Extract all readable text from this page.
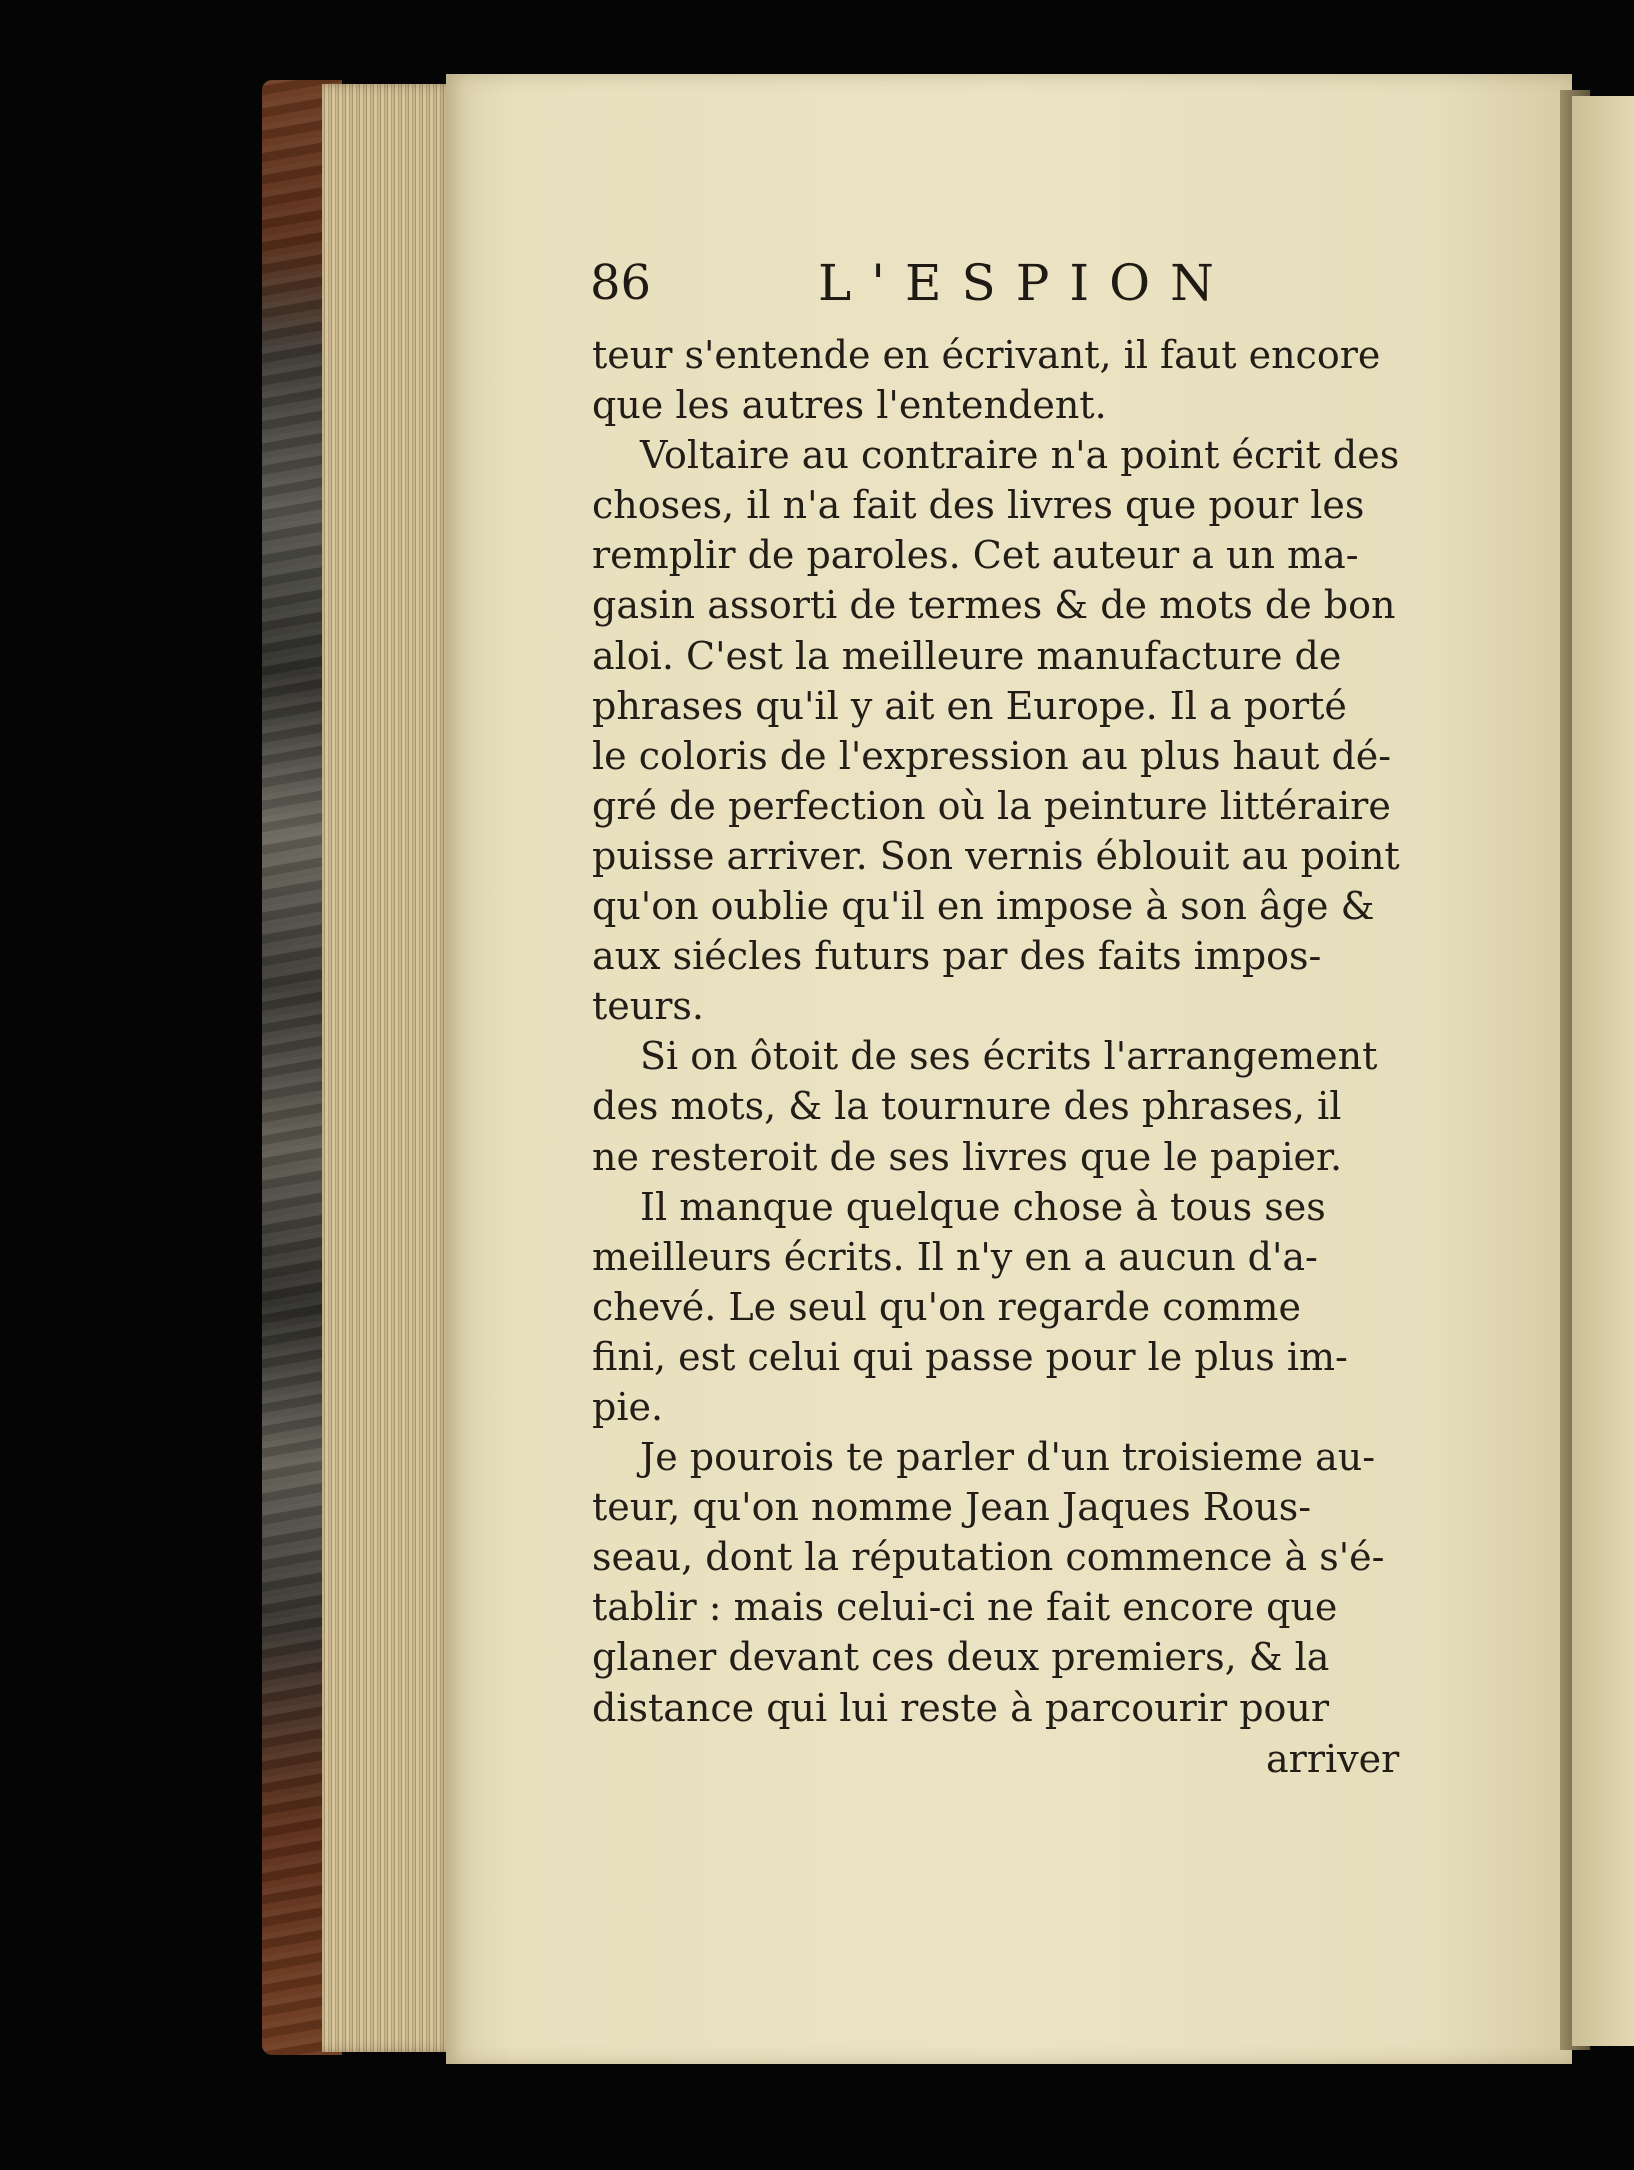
86	L'ESPION

teur s'entende en écrivant, il faut encore
que les autres l'entendent.

Voltaire au contraire n'a point écrit des
choses, il n'a fait des livres que pour les
remplir de paroles. Cet auteur a un ma-
gasin assorti de termes & de mots de bon
aloi. C'est la meilleure manufacture de
phrases qu'il y ait en Europe. Il a porté
le coloris de l'expression au plus haut dé-
gré de perfection où la peinture littéraire
puisse arriver. Son vernis éblouit au point
qu'on oublie qu'il en impose à son âge &
aux siécles futurs par des faits impos-
teurs.

Si on ôtoit de ses écrits l'arrangement
des mots, & la tournure des phrases, il
ne resteroit de ses livres que le papier.

Il manque quelque chose à tous ses
meilleurs écrits. Il n'y en a aucun d'a-
chevé. Le seul qu'on regarde comme
fini, est celui qui passe pour le plus im-
pie.

Je pourois te parler d'un troisieme au-
teur, qu'on nomme Jean Jaques Rous-
seau, dont la réputation commence à s'é-
tablir : mais celui-ci ne fait encore que
glaner devant ces deux premiers, & la
distance qui lui reste à parcourir pour

arriver
